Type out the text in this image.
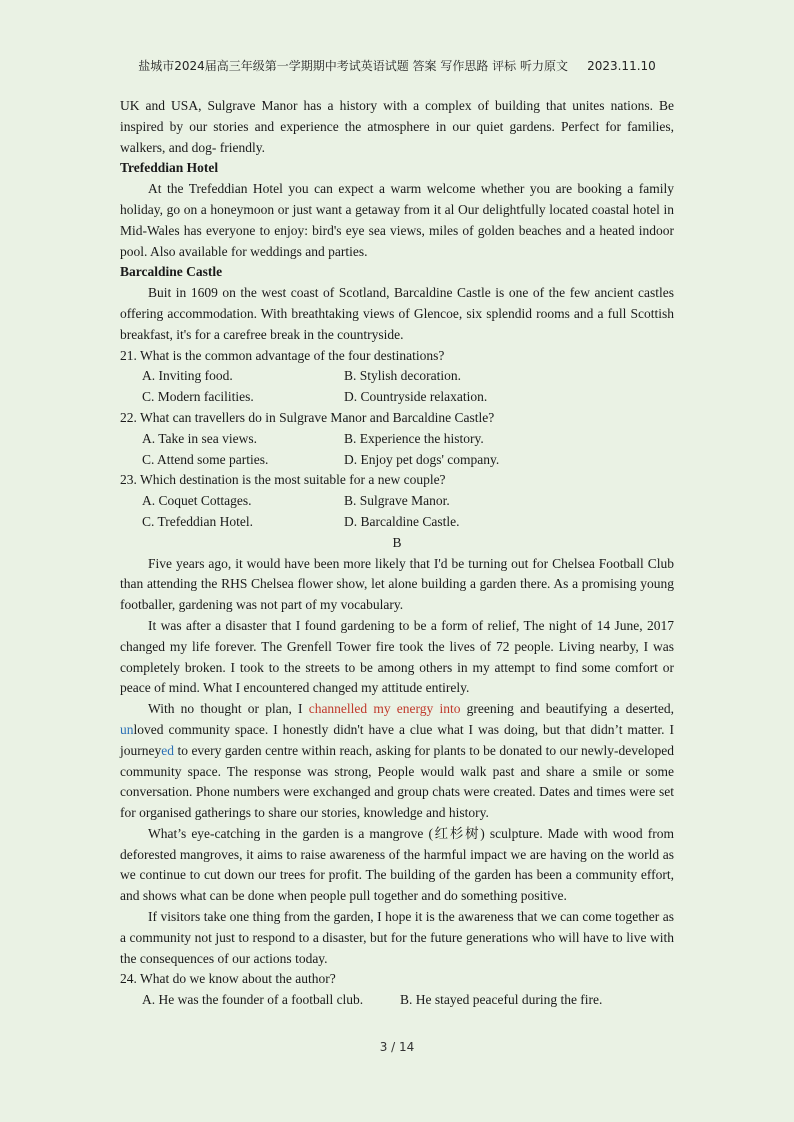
盐城市2024届高三年级第一学期期中考试英语试题 答案 写作思路 评标 听力原文 2023.11.10

UK and USA, Sulgrave Manor has a history with a complex of building that unites nations. Be inspired by our stories and experience the atmosphere in our quiet gardens. Perfect for families, walkers, and dog- friendly.

Trefeddian Hotel

At the Trefeddian Hotel you can expect a warm welcome whether you are booking a family holiday, go on a honeymoon or just want a getaway from it al Our delightfully located coastal hotel in Mid-Wales has everyone to enjoy: bird's eye sea views, miles of golden beaches and a heated indoor pool. Also available for weddings and parties.

Barcaldine Castle

Buit in 1609 on the west coast of Scotland, Barcaldine Castle is one of the few ancient castles offering accommodation. With breathtaking views of Glencoe, six splendid rooms and a full Scottish breakfast, it's for a carefree break in the countryside.

21. What is the common advantage of the four destinations?

A. Inviting food.	B. Stylish decoration.
C. Modern facilities.	D. Countryside relaxation.

22. What can travellers do in Sulgrave Manor and Barcaldine Castle?

A. Take in sea views.	B. Experience the history.
C. Attend some parties.	D. Enjoy pet dogs' company.

23. Which destination is the most suitable for a new couple?

A. Coquet Cottages.	B. Sulgrave Manor.
C. Trefeddian Hotel.	D. Barcaldine Castle.

B

Five years ago, it would have been more likely that I'd be turning out for Chelsea Football Club than attending the RHS Chelsea flower show, let alone building a garden there. As a promising young footballer, gardening was not part of my vocabulary.

It was after a disaster that I found gardening to be a form of relief, The night of 14 June, 2017 changed my life forever. The Grenfell Tower fire took the lives of 72 people. Living nearby, I was completely broken. I took to the streets to be among others in my attempt to find some comfort or peace of mind. What I encountered changed my attitude entirely.

With no thought or plan, I channelled my energy into greening and beautifying a deserted, unloved community space. I honestly didn't have a clue what I was doing, but that didn’t matter. I journeyed to every garden centre within reach, asking for plants to be donated to our newly-developed community space. The response was strong, People would walk past and share a smile or some conversation. Phone numbers were exchanged and group chats were created. Dates and times were set for organised gatherings to share our stories, knowledge and history.

What’s eye-catching in the garden is a mangrove (红杉树) sculpture. Made with wood from deforested mangroves, it aims to raise awareness of the harmful impact we are having on the world as we continue to cut down our trees for profit. The building of the garden has been a community effort, and shows what can be done when people pull together and do something positive.

If visitors take one thing from the garden, I hope it is the awareness that we can come together as a community not just to respond to a disaster, but for the future generations who will have to live with the consequences of our actions today.

24. What do we know about the author?

A. He was the founder of a football club.	B. He stayed peaceful during the fire.
3 / 14
